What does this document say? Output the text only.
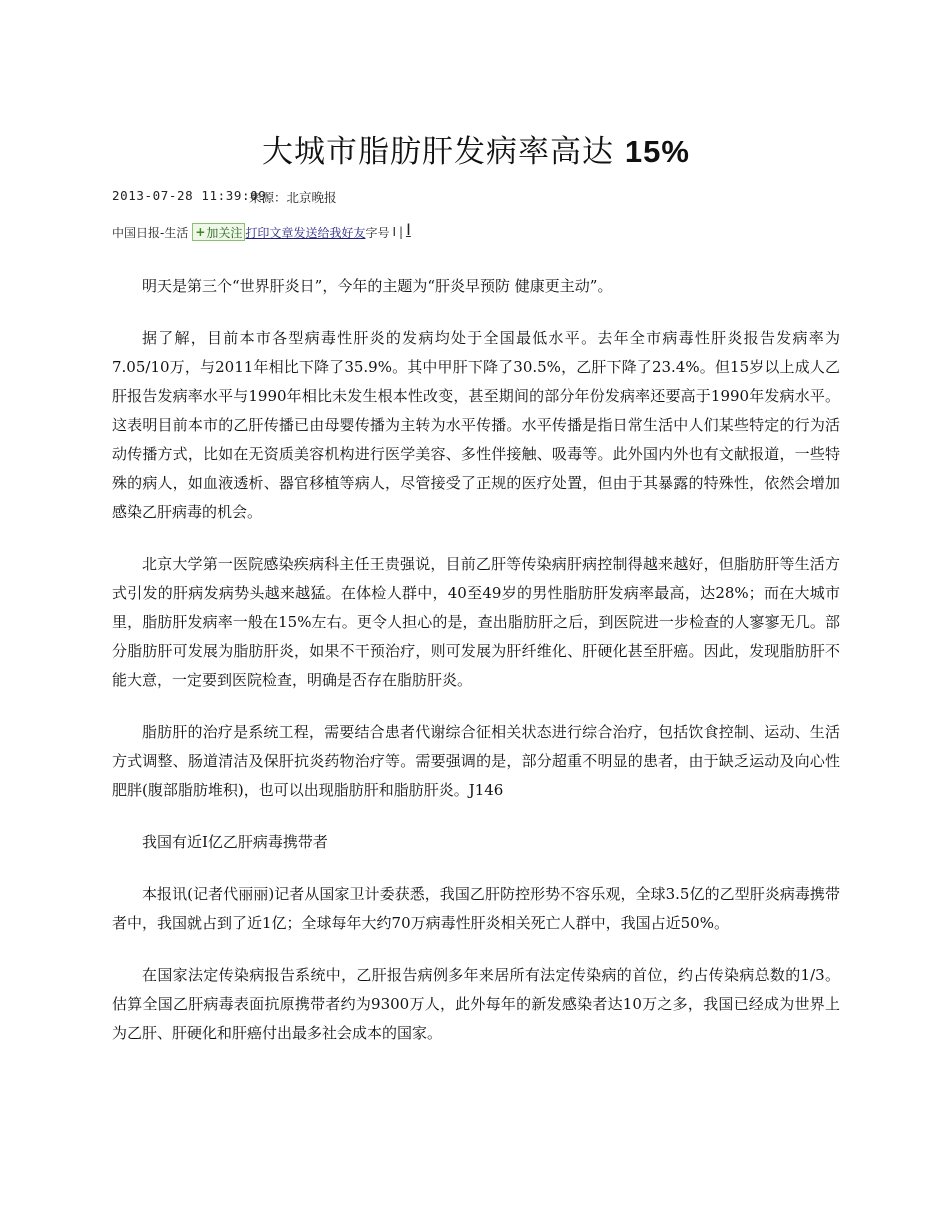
大城市脂肪肝发病率高达 15%
2013-07-28 11:39:09
来源：北京晚报
中国日报-生活 + 加关注 打印文章 发送给我好友 字号 I | I

明天是第三个“世界肝炎日”，今年的主题为“肝炎早预防 健康更主动”。

据了解，目前本市各型病毒性肝炎的发病均处于全国最低水平。去年全市病毒性肝炎报告发病率为7.05/10万，与2011年相比下降了35.9%。其中甲肝下降了30.5%，乙肝下降了23.4%。但15岁以上成人乙肝报告发病率水平与1990年相比未发生根本性改变，甚至期间的部分年份发病率还要高于1990年发病水平。这表明目前本市的乙肝传播已由母婴传播为主转为水平传播。水平传播是指日常生活中人们某些特定的行为活动传播方式，比如在无资质美容机构进行医学美容、多性伴接触、吸毒等。此外国内外也有文献报道，一些特殊的病人，如血液透析、器官移植等病人，尽管接受了正规的医疗处置，但由于其暴露的特殊性，依然会增加感染乙肝病毒的机会。

北京大学第一医院感染疾病科主任王贵强说，目前乙肝等传染病肝病控制得越来越好，但脂肪肝等生活方式引发的肝病发病势头越来越猛。在体检人群中，40至49岁的男性脂肪肝发病率最高，达28%；而在大城市里，脂肪肝发病率一般在15%左右。更令人担心的是，查出脂肪肝之后，到医院进一步检查的人寥寥无几。部分脂肪肝可发展为脂肪肝炎，如果不干预治疗，则可发展为肝纤维化、肝硬化甚至肝癌。因此，发现脂肪肝不能大意，一定要到医院检查，明确是否存在脂肪肝炎。

脂肪肝的治疗是系统工程，需要结合患者代谢综合征相关状态进行综合治疗，包括饮食控制、运动、生活方式调整、肠道清洁及保肝抗炎药物治疗等。需要强调的是，部分超重不明显的患者，由于缺乏运动及向心性肥胖(腹部脂肪堆积)，也可以出现脂肪肝和脂肪肝炎。J146

我国有近I亿乙肝病毒携带者

本报讯(记者代丽丽)记者从国家卫计委获悉，我国乙肝防控形势不容乐观，全球3.5亿的乙型肝炎病毒携带者中，我国就占到了近1亿；全球每年大约70万病毒性肝炎相关死亡人群中，我国占近50%。

在国家法定传染病报告系统中，乙肝报告病例多年来居所有法定传染病的首位，约占传染病总数的1/3。估算全国乙肝病毒表面抗原携带者约为9300万人，此外每年的新发感染者达10万之多，我国已经成为世界上为乙肝、肝硬化和肝癌付出最多社会成本的国家。
